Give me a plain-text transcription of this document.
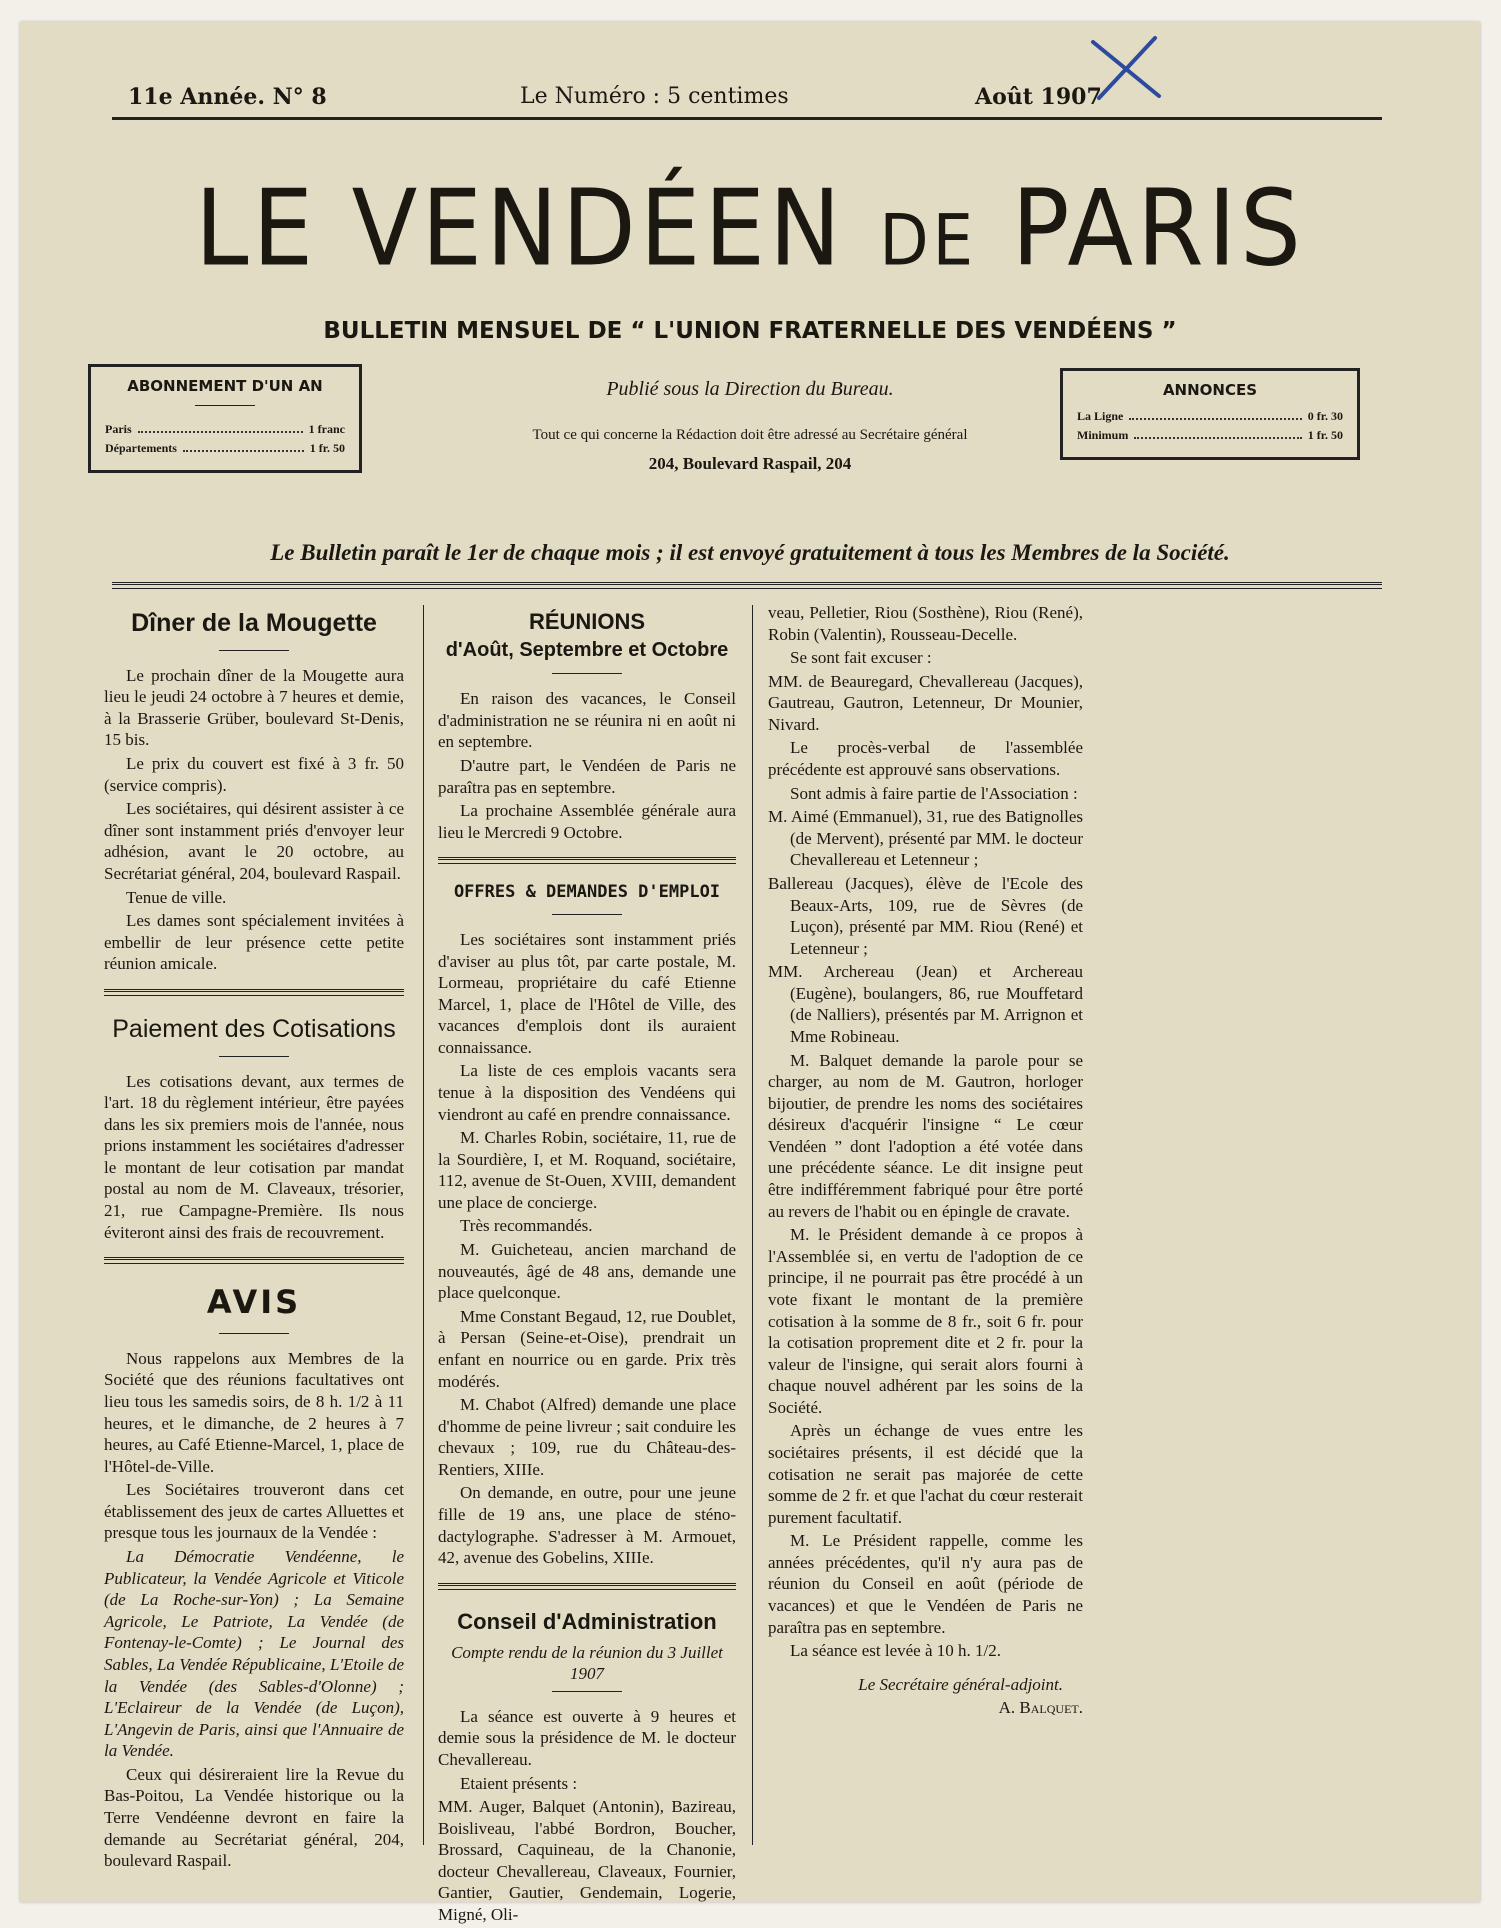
11e Année. N° 8	Le Numéro : 5 centimes	Août 1907
LE VENDÉEN DE PARIS
BULLETIN MENSUEL DE “ L'UNION FRATERNELLE DES VENDÉENS ”
ABONNEMENT D'UN AN
Paris	1 franc
Départements	1 fr. 50
ANNONCES
La Ligne	0 fr. 30
Minimum	1 fr. 50
Publié sous la Direction du Bureau.
Tout ce qui concerne la Rédaction doit être adressé au Secrétaire général
204, Boulevard Raspail, 204
Le Bulletin paraît le 1er de chaque mois ; il est envoyé gratuitement à tous les Membres de la Société.
Dîner de la Mougette

Le prochain dîner de la Mougette aura lieu le jeudi 24 octobre à 7 heures et demie, à la Brasserie Grüber, boulevard St-Denis, 15 bis.

Le prix du couvert est fixé à 3 fr. 50 (service compris).

Les sociétaires, qui désirent assister à ce dîner sont instamment priés d'envoyer leur adhésion, avant le 20 octobre, au Secrétariat général, 204, boulevard Raspail.

Tenue de ville.

Les dames sont spécialement invitées à embellir de leur présence cette petite réunion amicale.

Paiement des Cotisations

Les cotisations devant, aux termes de l'art. 18 du règlement intérieur, être payées dans les six premiers mois de l'année, nous prions instamment les sociétaires d'adresser le montant de leur cotisation par mandat postal au nom de M. Claveaux, trésorier, 21, rue Campagne-Première. Ils nous éviteront ainsi des frais de recouvrement.

AVIS

Nous rappelons aux Membres de la Société que des réunions facultatives ont lieu tous les samedis soirs, de 8 h. 1/2 à 11 heures, et le dimanche, de 2 heures à 7 heures, au Café Etienne-Marcel, 1, place de l'Hôtel-de-Ville.

Les Sociétaires trouveront dans cet établissement des jeux de cartes Alluettes et presque tous les journaux de la Vendée :

La Démocratie Vendéenne, le Publicateur, la Vendée Agricole et Viticole (de La Roche-sur-Yon) ; La Semaine Agricole, Le Patriote, La Vendée (de Fontenay-le-Comte) ; Le Journal des Sables, La Vendée Républicaine, L'Etoile de la Vendée (des Sables-d'Olonne) ; L'Eclaireur de la Vendée (de Luçon), L'Angevin de Paris, ainsi que l'Annuaire de la Vendée.

Ceux qui désireraient lire la Revue du Bas-Poitou, La Vendée historique ou la Terre Vendéenne devront en faire la demande au Secrétariat général, 204, boulevard Raspail.

RÉUNIONS
d'Août, Septembre et Octobre

En raison des vacances, le Conseil d'administration ne se réunira ni en août ni en septembre.

D'autre part, le Vendéen de Paris ne paraîtra pas en septembre.

La prochaine Assemblée générale aura lieu le Mercredi 9 Octobre.

OFFRES & DEMANDES D'EMPLOI

Les sociétaires sont instamment priés d'aviser au plus tôt, par carte postale, M. Lormeau, propriétaire du café Etienne Marcel, 1, place de l'Hôtel de Ville, des vacances d'emplois dont ils auraient connaissance.

La liste de ces emplois vacants sera tenue à la disposition des Vendéens qui viendront au café en prendre connaissance.

M. Charles Robin, sociétaire, 11, rue de la Sourdière, I, et M. Roquand, sociétaire, 112, avenue de St-Ouen, XVIII, demandent une place de concierge.

Très recommandés.

M. Guicheteau, ancien marchand de nouveautés, âgé de 48 ans, demande une place quelconque.

Mme Constant Begaud, 12, rue Doublet, à Persan (Seine-et-Oise), prendrait un enfant en nourrice ou en garde. Prix très modérés.

M. Chabot (Alfred) demande une place d'homme de peine livreur ; sait conduire les chevaux ; 109, rue du Château-des-Rentiers, XIIIe.

On demande, en outre, pour une jeune fille de 19 ans, une place de sténo-dactylographe. S'adresser à M. Armouet, 42, avenue des Gobelins, XIIIe.

Conseil d'Administration

Compte rendu de la réunion du 3 Juillet 1907

La séance est ouverte à 9 heures et demie sous la présidence de M. le docteur Chevallereau.

Etaient présents :

MM. Auger, Balquet (Antonin), Bazireau, Boisliveau, l'abbé Bordron, Boucher, Brossard, Caquineau, de la Chanonie, docteur Chevallereau, Claveaux, Fournier, Gantier, Gautier, Gendemain, Logerie, Migné, Oli-

veau, Pelletier, Riou (Sosthène), Riou (René), Robin (Valentin), Rousseau-Decelle.

Se sont fait excuser :

MM. de Beauregard, Chevallereau (Jacques), Gautreau, Gautron, Letenneur, Dr Mounier, Nivard.

Le procès-verbal de l'assemblée précédente est approuvé sans observations.

Sont admis à faire partie de l'Association :

M. Aimé (Emmanuel), 31, rue des Batignolles (de Mervent), présenté par MM. le docteur Chevallereau et Letenneur ;

Ballereau (Jacques), élève de l'Ecole des Beaux-Arts, 109, rue de Sèvres (de Luçon), présenté par MM. Riou (René) et Letenneur ;

MM. Archereau (Jean) et Archereau (Eugène), boulangers, 86, rue Mouffetard (de Nalliers), présentés par M. Arrignon et Mme Robineau.

M. Balquet demande la parole pour se charger, au nom de M. Gautron, horloger bijoutier, de prendre les noms des sociétaires désireux d'acquérir l'insigne “ Le cœur Vendéen ” dont l'adoption a été votée dans une précédente séance. Le dit insigne peut être indifféremment fabriqué pour être porté au revers de l'habit ou en épingle de cravate.

M. le Président demande à ce propos à l'Assemblée si, en vertu de l'adoption de ce principe, il ne pourrait pas être procédé à un vote fixant le montant de la première cotisation à la somme de 8 fr., soit 6 fr. pour la cotisation proprement dite et 2 fr. pour la valeur de l'insigne, qui serait alors fourni à chaque nouvel adhérent par les soins de la Société.

Après un échange de vues entre les sociétaires présents, il est décidé que la cotisation ne serait pas majorée de cette somme de 2 fr. et que l'achat du cœur resterait purement facultatif.

M. Le Président rappelle, comme les années précédentes, qu'il n'y aura pas de réunion du Conseil en août (période de vacances) et que le Vendéen de Paris ne paraîtra pas en septembre.

La séance est levée à 10 h. 1/2.

Le Secrétaire général-adjoint.

A. Balquet.
